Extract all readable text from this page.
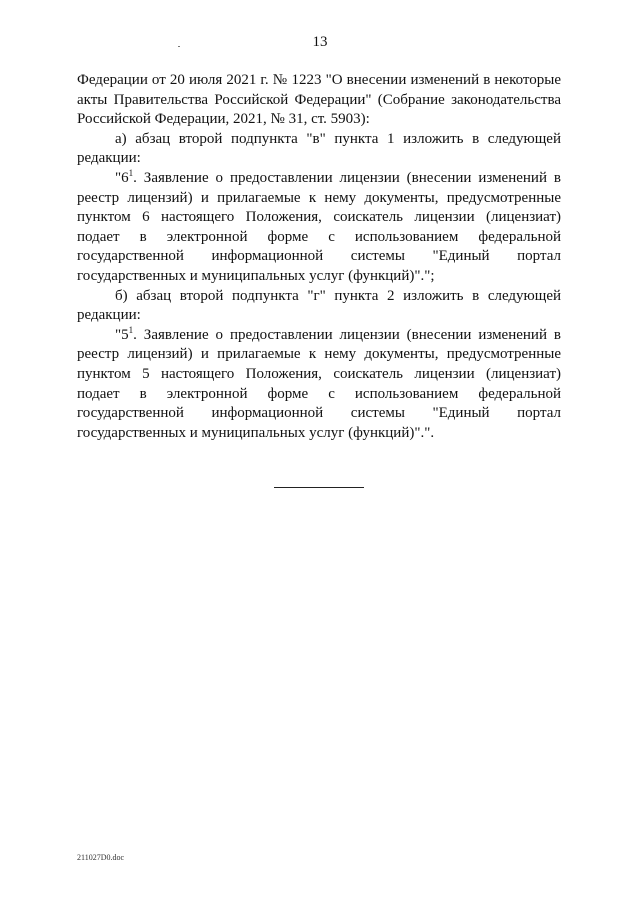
13

Федерации от 20 июля 2021 г. № 1223 "О внесении изменений в некоторые акты Правительства Российской Федерации" (Собрание законодательства Российской Федерации, 2021, № 31, ст. 5903):

а) абзац второй подпункта "в" пункта 1 изложить в следующей редакции:

"$6^1$. Заявление о предоставлении лицензии (внесении изменений в реестр лицензий) и прилагаемые к нему документы, предусмотренные пунктом 6 настоящего Положения, соискатель лицензии (лицензиат) подает в электронной форме с использованием федеральной государственной информационной системы "Единый портал государственных и муниципальных услуг (функций)".";

б) абзац второй подпункта "г" пункта 2 изложить в следующей редакции:

"$5^1$. Заявление о предоставлении лицензии (внесении изменений в реестр лицензий) и прилагаемые к нему документы, предусмотренные пунктом 5 настоящего Положения, соискатель лицензии (лицензиат) подает в электронной форме с использованием федеральной государственной информационной системы "Единый портал государственных и муниципальных услуг (функций)".".

211027D0.doc
